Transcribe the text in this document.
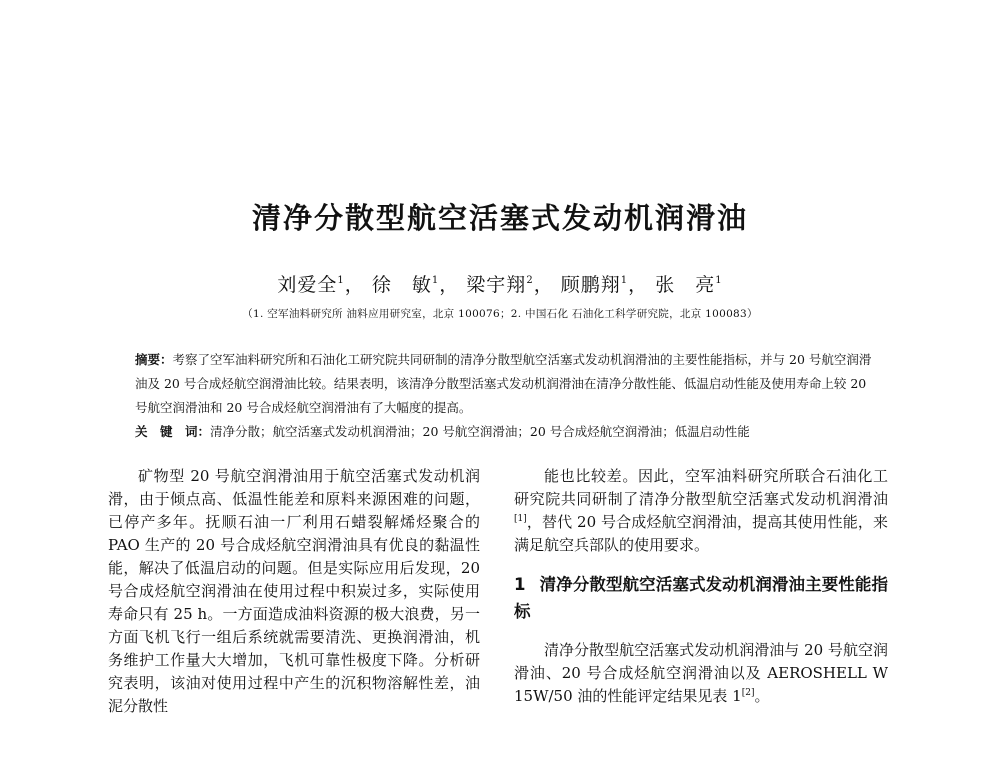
清净分散型航空活塞式发动机润滑油
刘爱全$^1$， 徐　敏$^1$， 梁宇翔$^2$， 顾鹏翔$^1$， 张　亮$^1$
（1. 空军油料研究所 油料应用研究室，北京 100076；2. 中国石化 石油化工科学研究院，北京 100083）

摘要：考察了空军油料研究所和石油化工研究院共同研制的清净分散型航空活塞式发动机润滑油的主要性能指标，并与 20 号航空润滑油及 20 号合成烃航空润滑油比较。结果表明，该清净分散型活塞式发动机润滑油在清净分散性能、低温启动性能及使用寿命上较 20 号航空润滑油和 20 号合成烃航空润滑油有了大幅度的提高。

关　键　词：清净分散；航空活塞式发动机润滑油；20 号航空润滑油；20 号合成烃航空润滑油；低温启动性能

矿物型 20 号航空润滑油用于航空活塞式发动机润滑，由于倾点高、低温性能差和原料来源困难的问题，已停产多年。抚顺石油一厂利用石蜡裂解烯烃聚合的 PAO 生产的 20 号合成烃航空润滑油具有优良的黏温性能，解决了低温启动的问题。但是实际应用后发现，20 号合成烃航空润滑油在使用过程中积炭过多，实际使用寿命只有 25 h。一方面造成油料资源的极大浪费，另一方面飞机飞行一组后系统就需要清洗、更换润滑油，机务维护工作量大大增加，飞机可靠性极度下降。分析研究表明，该油对使用过程中产生的沉积物溶解性差，油泥分散性

能也比较差。因此，空军油料研究所联合石油化工研究院共同研制了清净分散型航空活塞式发动机润滑油[1]，替代 20 号合成烃航空润滑油，提高其使用性能，来满足航空兵部队的使用要求。

1 清净分散型航空活塞式发动机润滑油主要性能指标

清净分散型航空活塞式发动机润滑油与 20 号航空润滑油、20 号合成烃航空润滑油以及 AEROSHELL W 15W/50 油的性能评定结果见表 1[2]。
